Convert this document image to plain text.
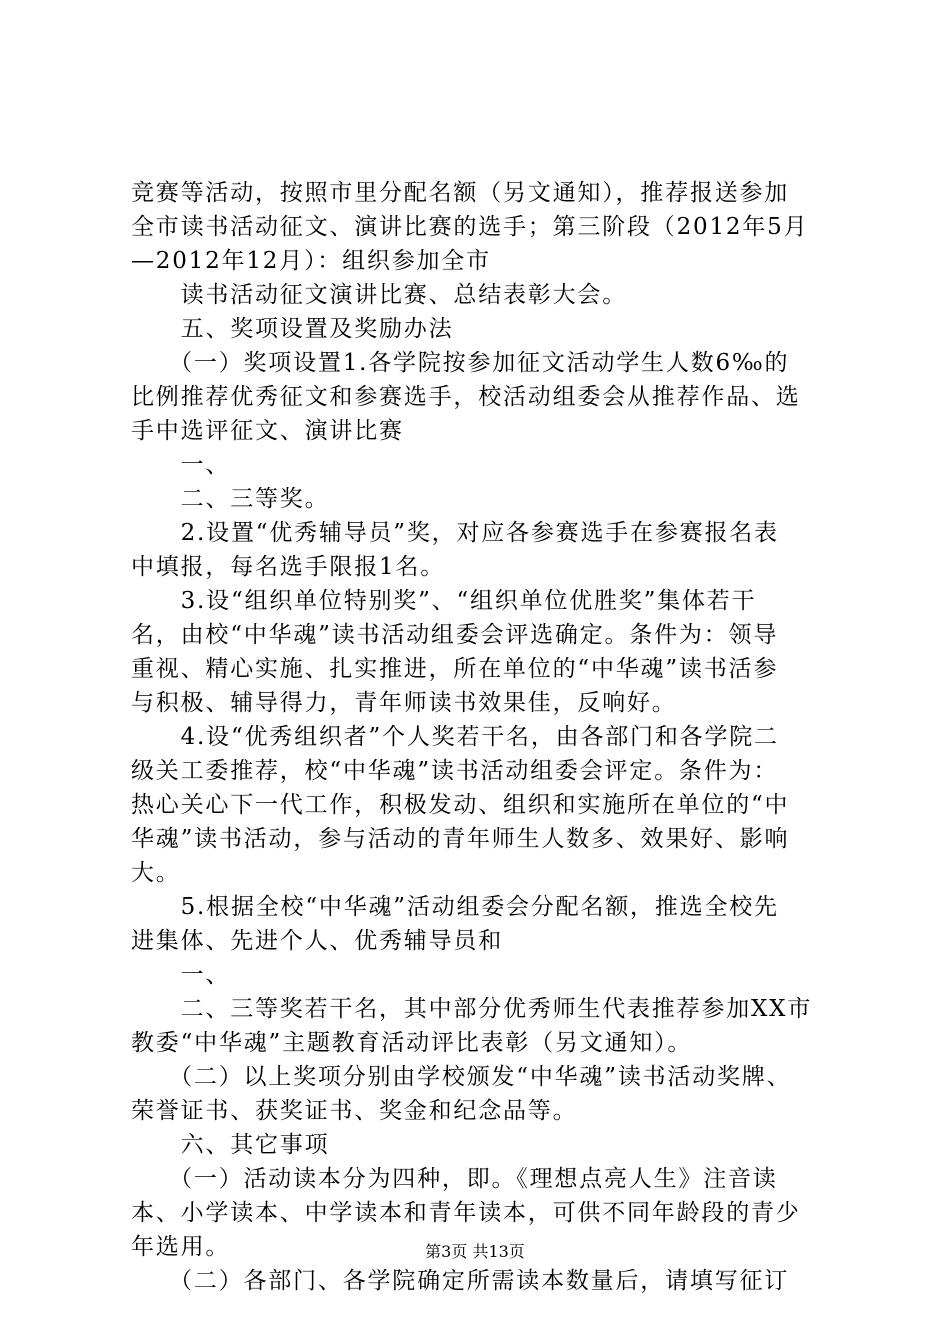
竞赛等活动，按照市里分配名额（另文通知），推荐报送参加
全市读书活动征文、演讲比赛的选手；第三阶段（2012年5月
—2012年12月）：组织参加全市
　　读书活动征文演讲比赛、总结表彰大会。
　　五、奖项设置及奖励办法
　　（一）奖项设置1.各学院按参加征文活动学生人数6‰的
比例推荐优秀征文和参赛选手，校活动组委会从推荐作品、选
手中选评征文、演讲比赛
　　一、
　　二、三等奖。
　　2.设置“优秀辅导员”奖，对应各参赛选手在参赛报名表
中填报，每名选手限报1名。
　　3.设“组织单位特别奖”、“组织单位优胜奖”集体若干
名，由校“中华魂”读书活动组委会评选确定。条件为：领导
重视、精心实施、扎实推进，所在单位的“中华魂”读书活参
与积极、辅导得力，青年师读书效果佳，反响好。
　　4.设“优秀组织者”个人奖若干名，由各部门和各学院二
级关工委推荐，校“中华魂”读书活动组委会评定。条件为：
热心关心下一代工作，积极发动、组织和实施所在单位的“中
华魂”读书活动，参与活动的青年师生人数多、效果好、影响
大。
　　5.根据全校“中华魂”活动组委会分配名额，推选全校先
进集体、先进个人、优秀辅导员和
　　一、
　　二、三等奖若干名，其中部分优秀师生代表推荐参加XX市
教委“中华魂”主题教育活动评比表彰（另文通知）。
　　（二）以上奖项分别由学校颁发“中华魂”读书活动奖牌、
荣誉证书、获奖证书、奖金和纪念品等。
　　六、其它事项
　　（一）活动读本分为四种，即。《理想点亮人生》注音读
本、小学读本、中学读本和青年读本，可供不同年龄段的青少
年选用。
　　（二）各部门、各学院确定所需读本数量后，请填写征订
第3页 共13页
